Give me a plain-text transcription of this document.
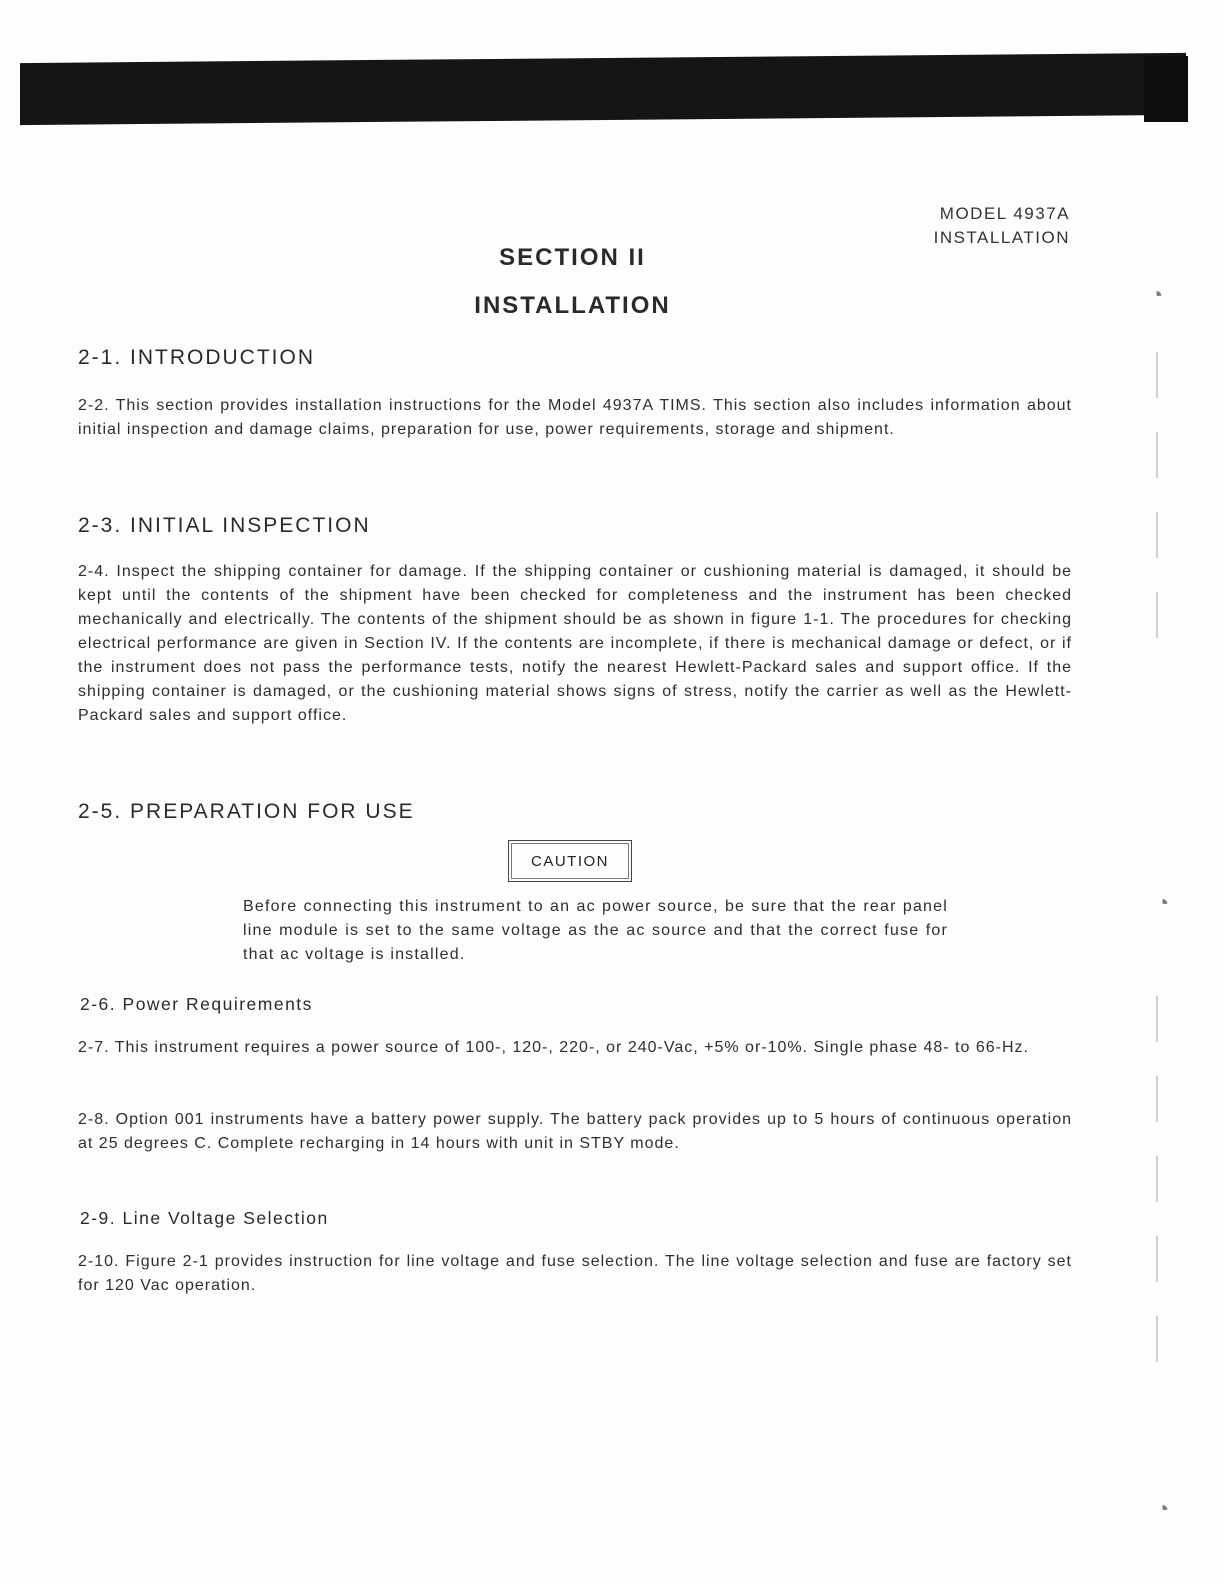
MODEL 4937A
INSTALLATION
SECTION II
INSTALLATION
2-1. INTRODUCTION
2-2. This section provides installation instructions for the Model 4937A TIMS. This section also includes information about initial inspection and damage claims, preparation for use, power requirements, storage and shipment.
2-3. INITIAL INSPECTION
2-4. Inspect the shipping container for damage. If the shipping container or cushioning material is damaged, it should be kept until the contents of the shipment have been checked for completeness and the instrument has been checked mechanically and electrically. The contents of the shipment should be as shown in figure 1-1. The procedures for checking electrical performance are given in Section IV. If the contents are incomplete, if there is mechanical damage or defect, or if the instrument does not pass the performance tests, notify the nearest Hewlett-Packard sales and support office. If the shipping container is damaged, or the cushioning material shows signs of stress, notify the carrier as well as the Hewlett-Packard sales and support office.
2-5. PREPARATION FOR USE
CAUTION
Before connecting this instrument to an ac power source, be sure that the rear panel line module is set to the same voltage as the ac source and that the correct fuse for that ac voltage is installed.
2-6. Power Requirements
2-7. This instrument requires a power source of 100-, 120-, 220-, or 240-Vac, +5% or-10%. Single phase 48- to 66-Hz.
2-8. Option 001 instruments have a battery power supply. The battery pack provides up to 5 hours of continuous operation at 25 degrees C. Complete recharging in 14 hours with unit in STBY mode.
2-9. Line Voltage Selection
2-10. Figure 2-1 provides instruction for line voltage and fuse selection. The line voltage selection and fuse are factory set for 120 Vac operation.
◔
◔
◔
